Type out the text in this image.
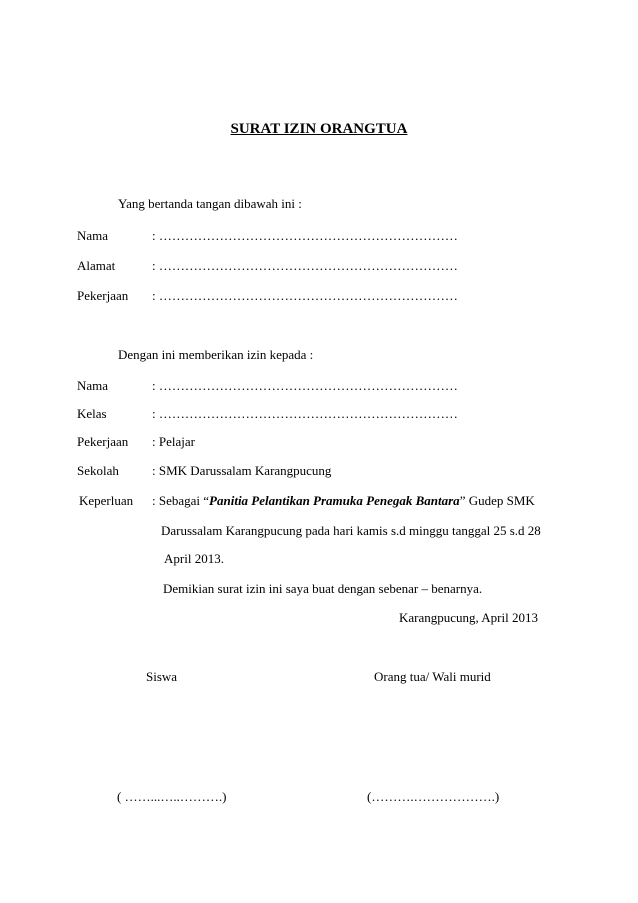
SURAT IZIN ORANGTUA
Yang bertanda tangan dibawah ini :
Nama	: ……………………………………………………………
Alamat	: ……………………………………………………………
Pekerjaan : ……………………………………………………………
Dengan ini memberikan izin kepada :
Nama	: ……………………………………………………………
Kelas	: ……………………………………………………………
Pekerjaan : Pelajar
Sekolah	: SMK Darussalam Karangpucung
Keperluan : Sebagai “Panitia Pelantikan Pramuka Penegak Bantara” Gudep SMK
Darussalam Karangpucung pada hari kamis s.d minggu tanggal 25 s.d 28
April 2013.
Demikian surat izin ini saya buat dengan sebenar – benarnya.
Karangpucung, April 2013
Siswa	Orang tua/ Wali murid
( ……...…..……….)	(……….……………….)
